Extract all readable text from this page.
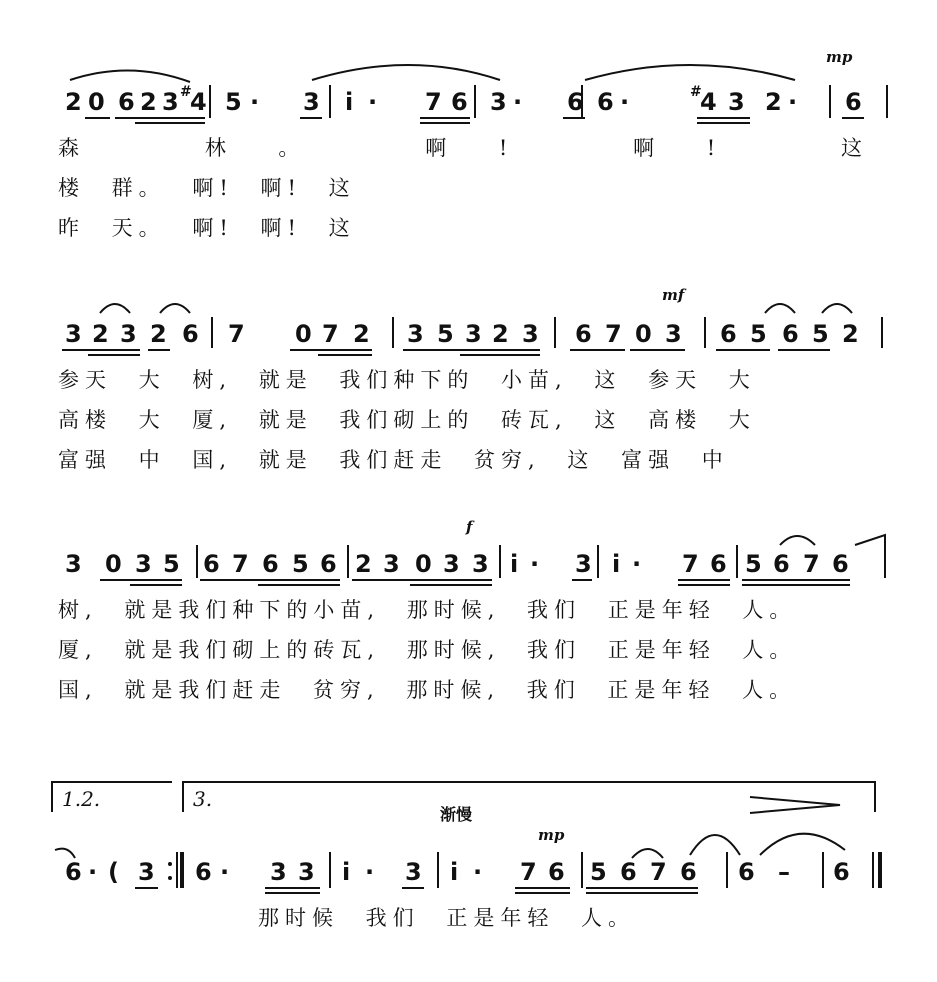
mp
2 0 6 2 3 #
4 5 · 3 i · 7 6 3 · 6 6 ·	#
4 3 2 · 6
森 林。 啊! 啊! 这
楼 群。 啊! 啊! 这
昨 天。 啊! 啊! 这
mf
3 2 3 2 6 7 0 7 2 3 5 3 2 3 6 7 0 3 6 5 6 5 2
参天 大 树, 就是 我们种下的 小苗, 这 参天 大
高楼 大 厦, 就是 我们砌上的 砖瓦, 这 高楼 大
富强 中 国, 就是 我们赶走 贫穷, 这 富强 中
f
3 0 3 5 6 7 6 5 6 2 3 0 3 3 i · 3 i · 7 6 5 6 7 6
树, 就是我们种下的小苗, 那时候, 我们 正是年轻 人。
厦, 就是我们砌上的砖瓦, 那时候, 我们 正是年轻 人。
国, 就是我们赶走 贫穷, 那时候, 我们 正是年轻 人。
1.2.	3.
渐慢
mp
6 · ( 3 6 · 3 3 i · 3 i · 7 6 5 6 7 6 6 – 6
那时候 我们 正是年轻 人。
